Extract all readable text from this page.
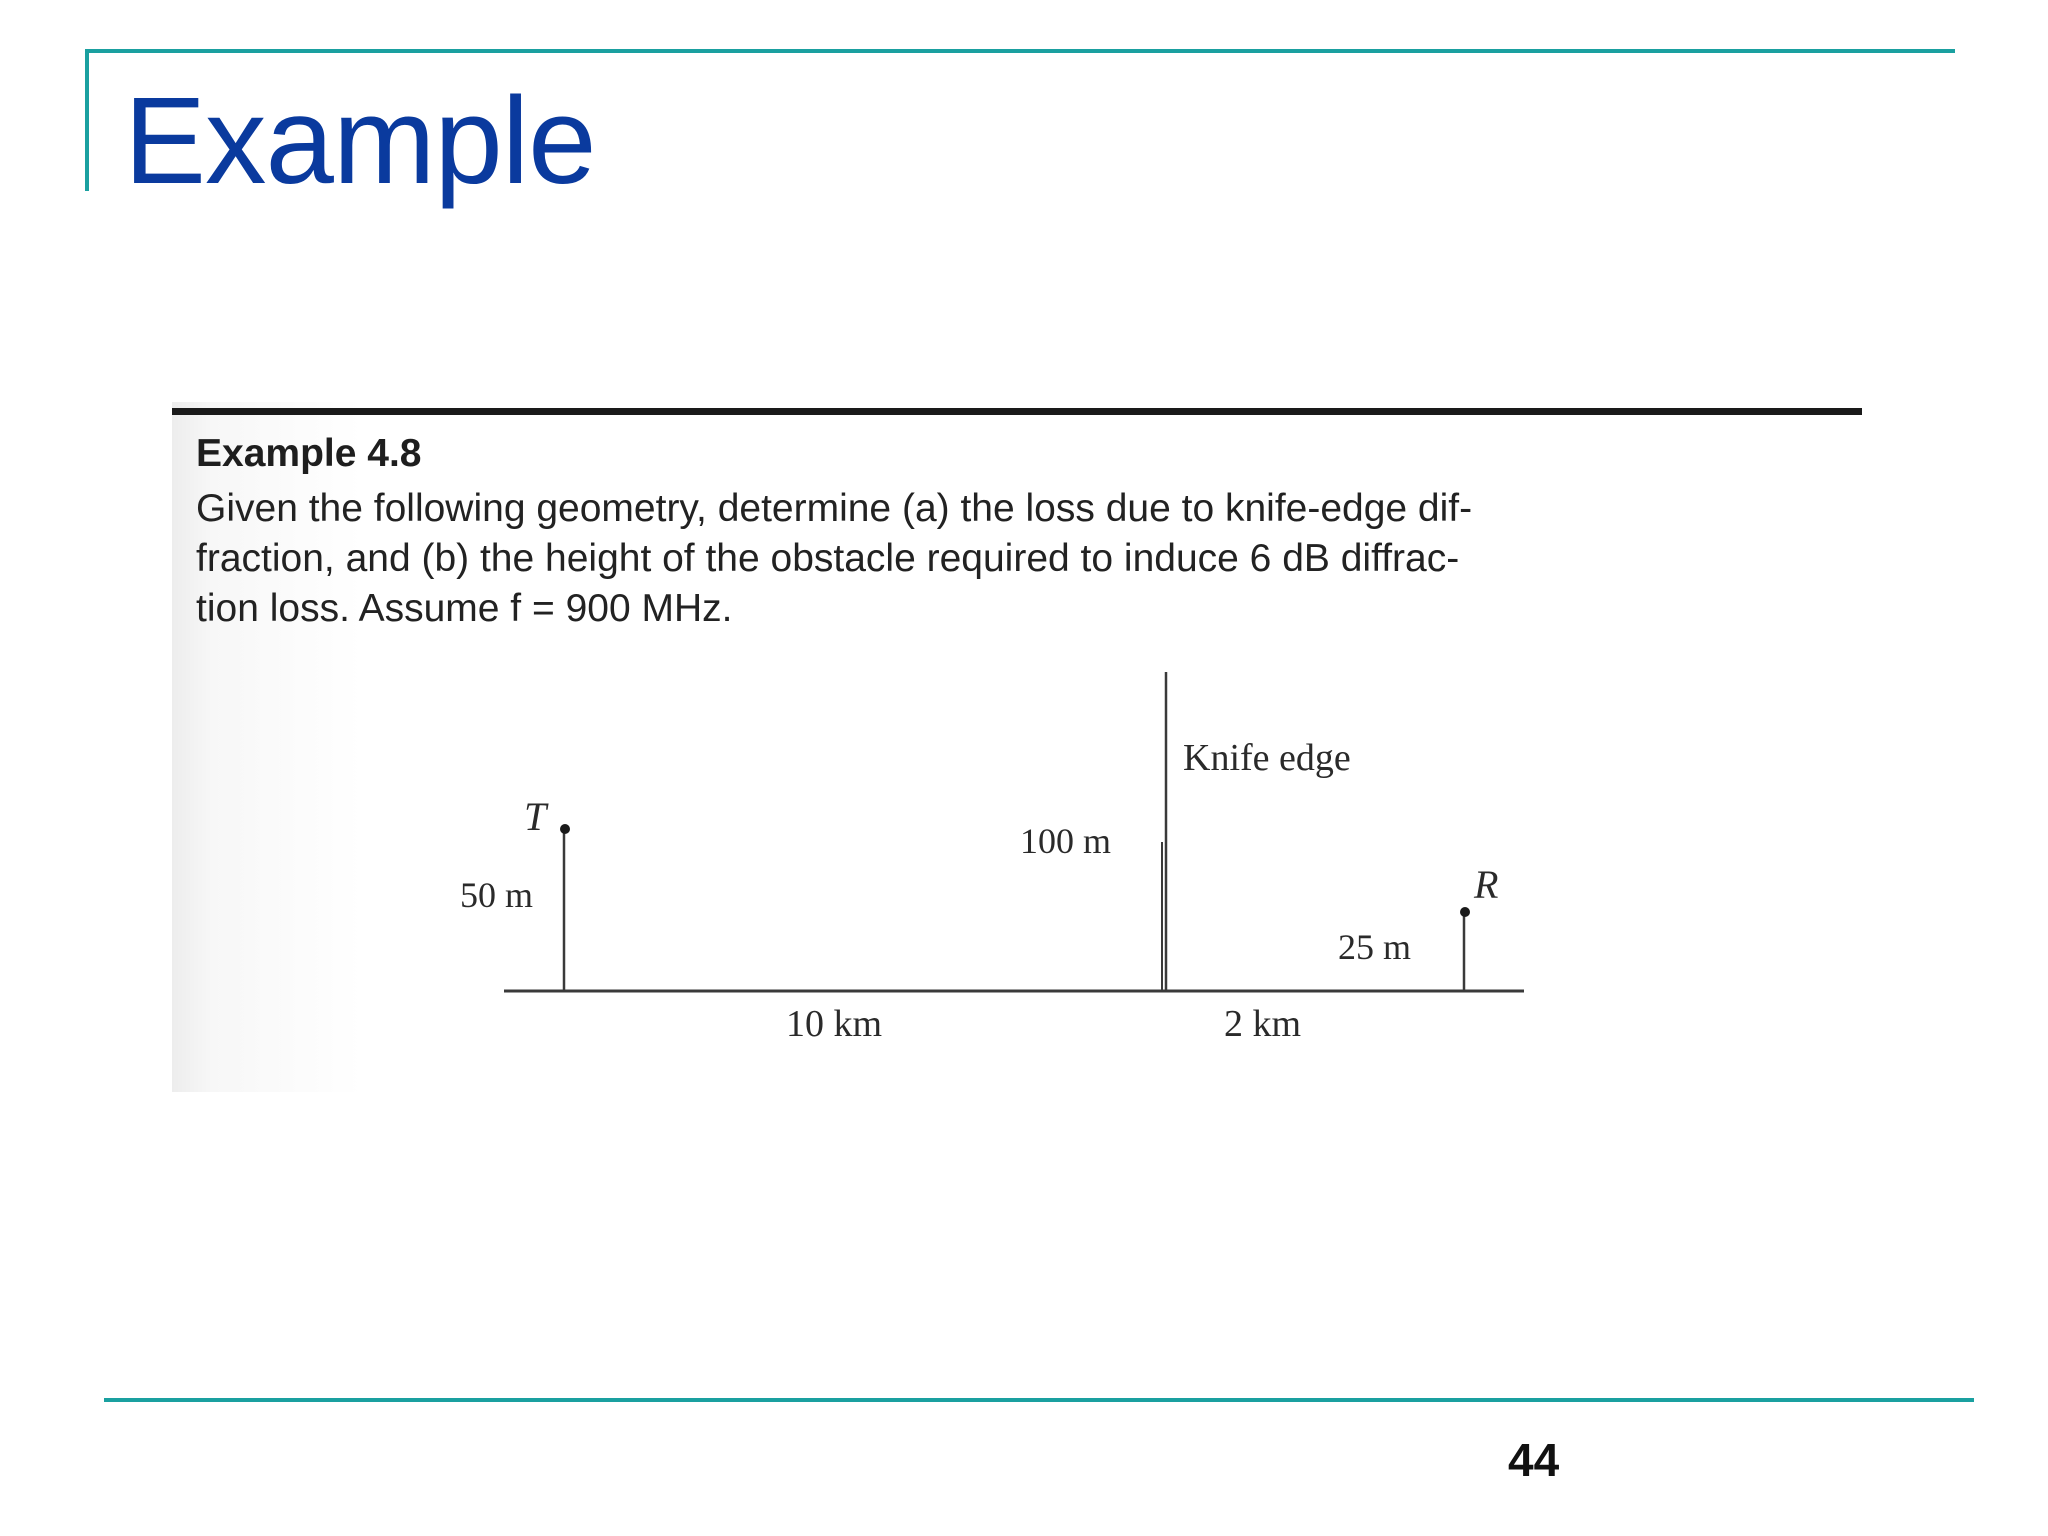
Example

Example 4.8

Given the following geometry, determine (a) the loss due to knife-edge dif-
fraction, and (b) the height of the obstacle required to induce 6 dB diffrac-
tion loss. Assume f = 900 MHz.

T
50 m
Knife edge
100 m
R
25 m
10 km	2 km
44
